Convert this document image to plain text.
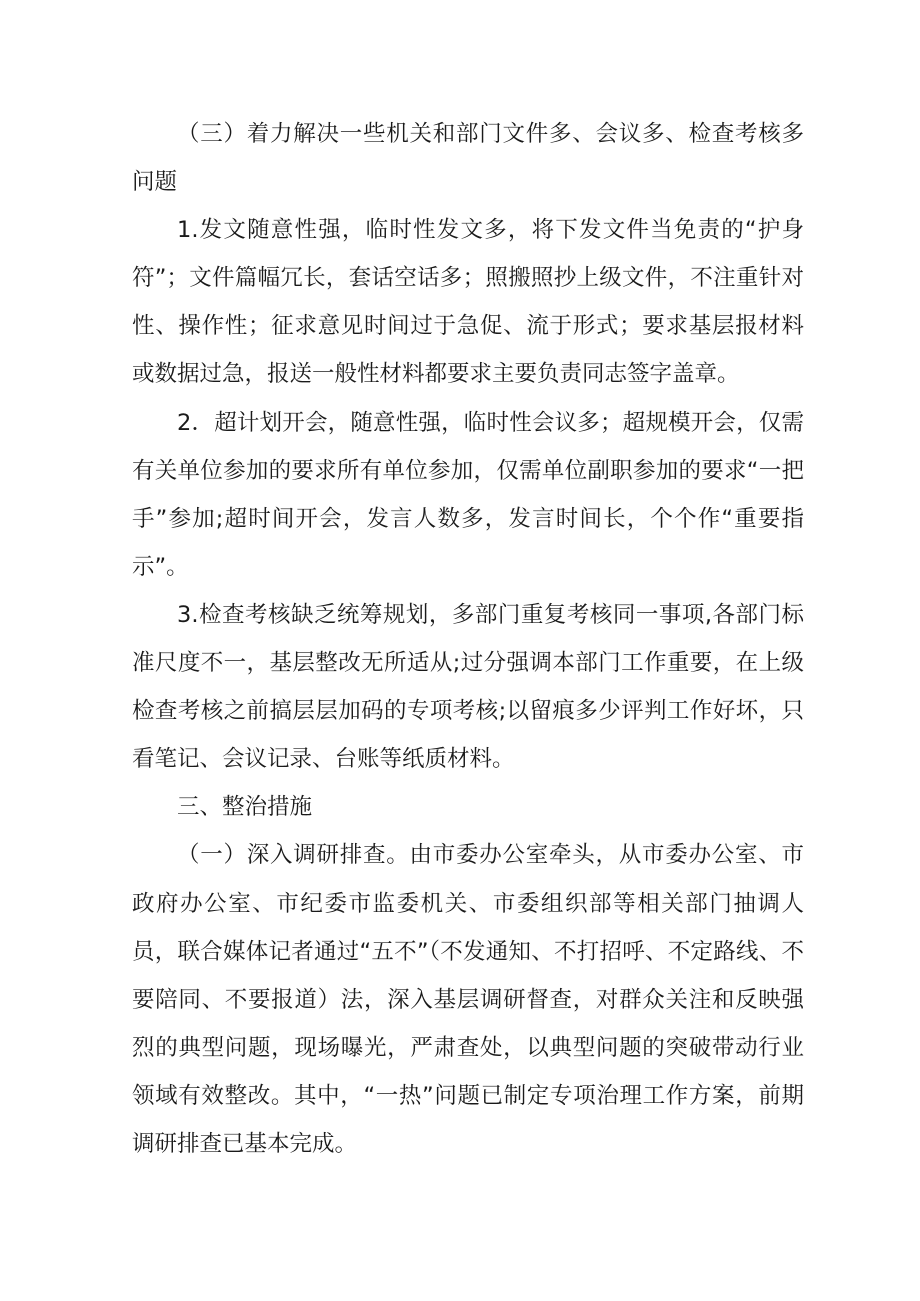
（三）着力解决一些机关和部门文件多、会议多、检查考核多问题

1.发文随意性强，临时性发文多，将下发文件当免责的“护身符”；文件篇幅冗长，套话空话多；照搬照抄上级文件，不注重针对性、操作性；征求意见时间过于急促、流于形式；要求基层报材料或数据过急，报送一般性材料都要求主要负责同志签字盖章。

2．超计划开会，随意性强，临时性会议多；超规模开会，仅需有关单位参加的要求所有单位参加，仅需单位副职参加的要求“一把手”参加;超时间开会，发言人数多，发言时间长，个个作“重要指示”。

3.检查考核缺乏统筹规划，多部门重复考核同一事项,各部门标准尺度不一，基层整改无所适从;过分强调本部门工作重要，在上级检查考核之前搞层层加码的专项考核;以留痕多少评判工作好坏，只看笔记、会议记录、台账等纸质材料。

三、整治措施

（一）深入调研排查。由市委办公室牵头，从市委办公室、市政府办公室、市纪委市监委机关、市委组织部等相关部门抽调人员，联合媒体记者通过“五不”（不发通知、不打招呼、不定路线、不要陪同、不要报道）法，深入基层调研督查，对群众关注和反映强烈的典型问题，现场曝光，严肃查处，以典型问题的突破带动行业领域有效整改。其中，“一热”问题已制定专项治理工作方案，前期调研排查已基本完成。
